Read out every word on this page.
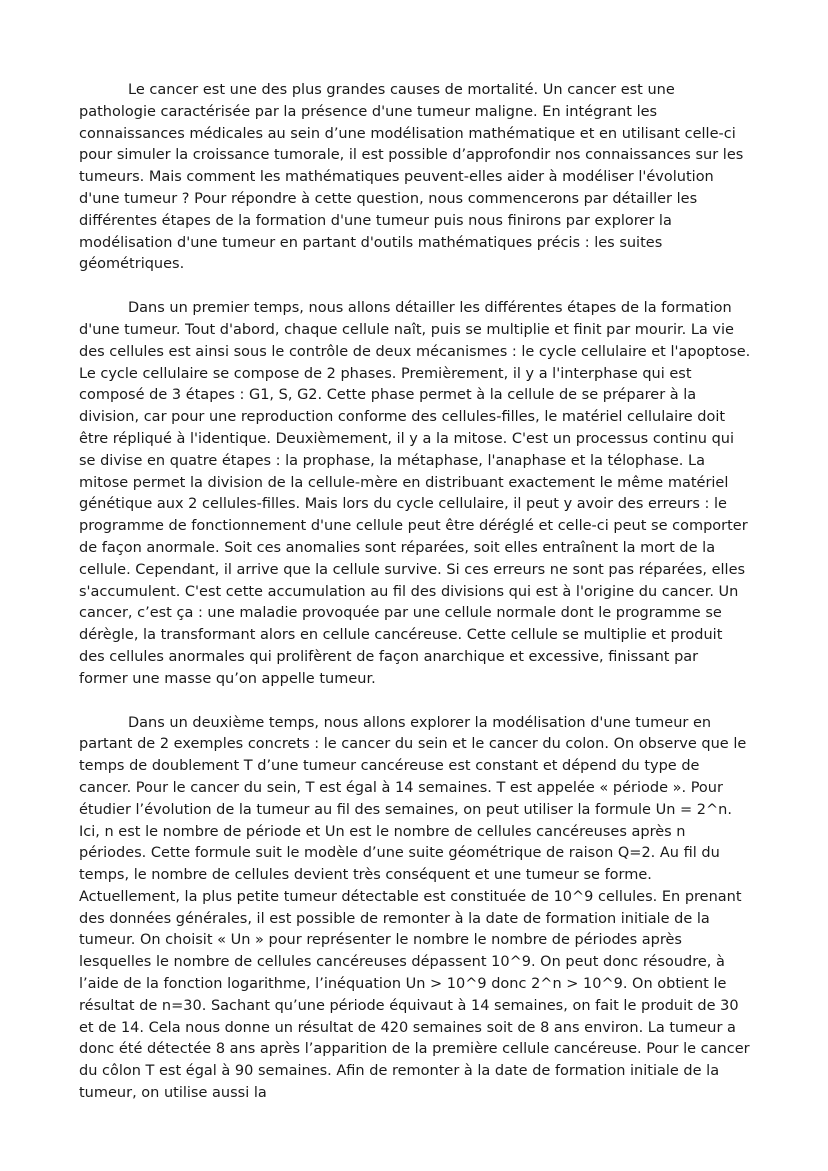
Le cancer est une des plus grandes causes de mortalité. Un cancer est une pathologie caractérisée par la présence d'une tumeur maligne. En intégrant les connaissances médicales au sein d’une modélisation mathématique et en utilisant celle-ci pour simuler la croissance tumorale, il est possible d’approfondir nos connaissances sur les tumeurs. Mais comment les mathématiques peuvent-elles aider à modéliser l'évolution d'une tumeur ? Pour répondre à cette question, nous commencerons par détailler les différentes étapes de la formation d'une tumeur puis nous finirons par explorer la modélisation d'une tumeur en partant d'outils mathématiques précis : les suites géométriques.

Dans un premier temps, nous allons détailler les différentes étapes de la formation d'une tumeur. Tout d'abord, chaque cellule naît, puis se multiplie et finit par mourir. La vie des cellules est ainsi sous le contrôle de deux mécanismes : le cycle cellulaire et l'apoptose. Le cycle cellulaire se compose de 2 phases. Premièrement, il y a l'interphase qui est composé de 3 étapes : G1, S, G2. Cette phase permet à la cellule de se préparer à la division, car pour une reproduction conforme des cellules-filles, le matériel cellulaire doit être répliqué à l'identique. Deuxièmement, il y a la mitose. C'est un processus continu qui se divise en quatre étapes : la prophase, la métaphase, l'anaphase et la télophase. La mitose permet la division de la cellule-mère en distribuant exactement le même matériel génétique aux 2 cellules-filles. Mais lors du cycle cellulaire, il peut y avoir des erreurs : le programme de fonctionnement d'une cellule peut être déréglé et celle-ci peut se comporter de façon anormale. Soit ces anomalies sont réparées, soit elles entraînent la mort de la cellule. Cependant, il arrive que la cellule survive. Si ces erreurs ne sont pas réparées, elles s'accumulent. C'est cette accumulation au fil des divisions qui est à l'origine du cancer. Un cancer, c’est ça : une maladie provoquée par une cellule normale dont le programme se dérègle, la transformant alors en cellule cancéreuse. Cette cellule se multiplie et produit des cellules anormales qui prolifèrent de façon anarchique et excessive, finissant par former une masse qu’on appelle tumeur.

Dans un deuxième temps, nous allons explorer la modélisation d'une tumeur en partant de 2 exemples concrets : le cancer du sein et le cancer du colon. On observe que le temps de doublement T d’une tumeur cancéreuse est constant et dépend du type de cancer. Pour le cancer du sein, T est égal à 14 semaines. T est appelée « période ». Pour étudier l’évolution de la tumeur au fil des semaines, on peut utiliser la formule Un = 2^n. Ici, n est le nombre de période et Un est le nombre de cellules cancéreuses après n périodes. Cette formule suit le modèle d’une suite géométrique de raison Q=2. Au fil du temps, le nombre de cellules devient très conséquent et une tumeur se forme. Actuellement, la plus petite tumeur détectable est constituée de 10^9 cellules. En prenant des données générales, il est possible de remonter à la date de formation initiale de la tumeur. On choisit « Un » pour représenter le nombre le nombre de périodes après lesquelles le nombre de cellules cancéreuses dépassent 10^9. On peut donc résoudre, à l’aide de la fonction logarithme, l’inéquation Un > 10^9 donc 2^n > 10^9. On obtient le résultat de n=30. Sachant qu’une période équivaut à 14 semaines, on fait le produit de 30 et de 14. Cela nous donne un résultat de 420 semaines soit de 8 ans environ. La tumeur a donc été détectée 8 ans après l’apparition de la première cellule cancéreuse. Pour le cancer du côlon T est égal à 90 semaines. Afin de remonter à la date de formation initiale de la tumeur, on utilise aussi la
